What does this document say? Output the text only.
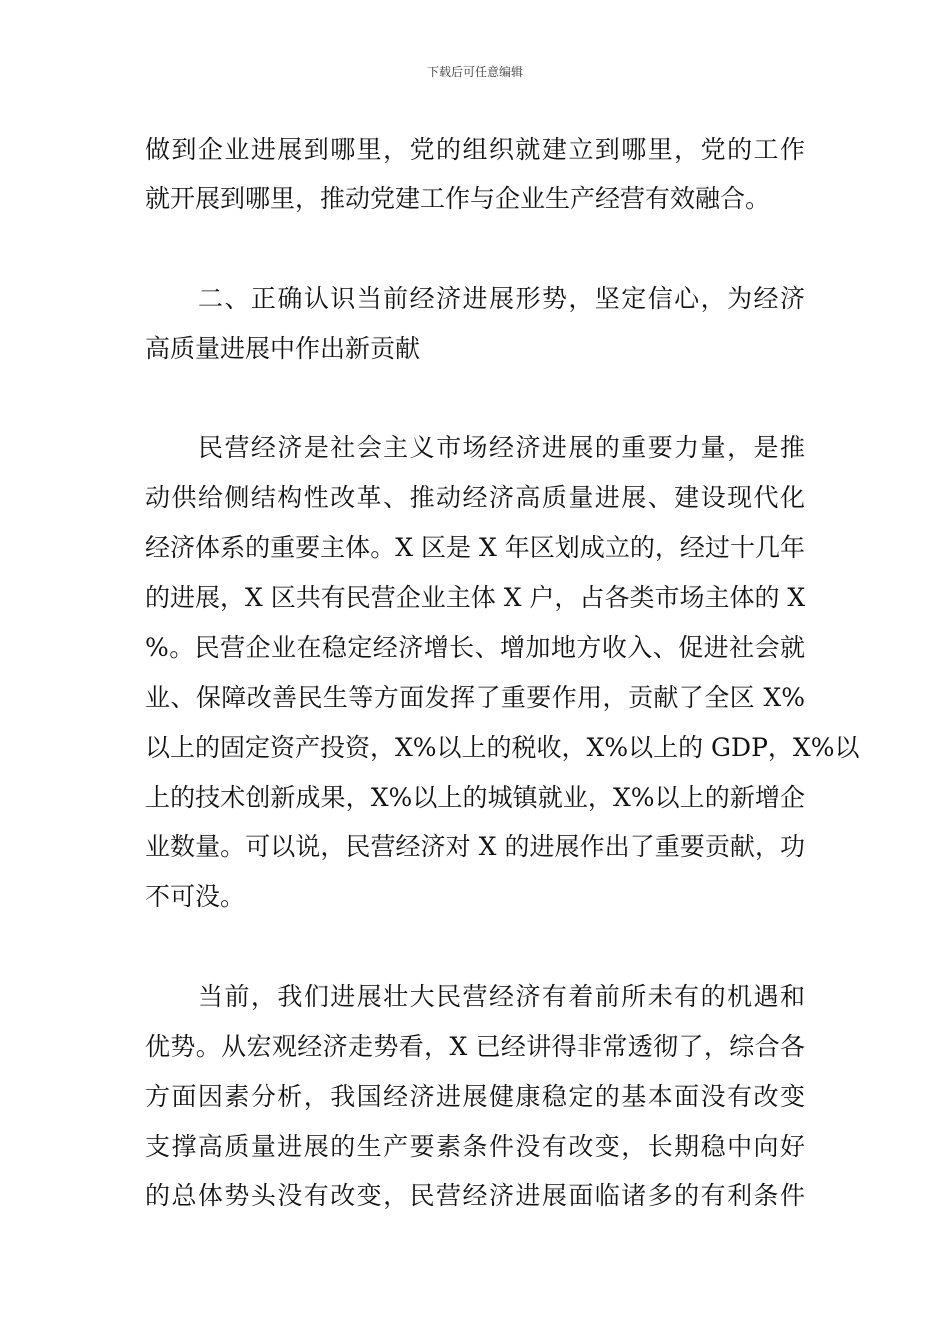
下载后可任意编辑
做到企业进展到哪里，党的组织就建立到哪里，党的工作
就开展到哪里，推动党建工作与企业生产经营有效融合。
二、正确认识当前经济进展形势，坚定信心，为经济
高质量进展中作出新贡献
民营经济是社会主义市场经济进展的重要力量，是推
动供给侧结构性改革、推动经济高质量进展、建设现代化
经济体系的重要主体。X 区是 X 年区划成立的，经过十几年
的进展，X 区共有民营企业主体 X 户，占各类市场主体的 X
%。民营企业在稳定经济增长、增加地方收入、促进社会就
业、保障改善民生等方面发挥了重要作用，贡献了全区 X%
以上的固定资产投资，X%以上的税收，X%以上的 GDP，X%以
上的技术创新成果，X%以上的城镇就业，X%以上的新增企
业数量。可以说，民营经济对 X 的进展作出了重要贡献，功
不可没。
当前，我们进展壮大民营经济有着前所未有的机遇和
优势。从宏观经济走势看，X 已经讲得非常透彻了，综合各
方面因素分析，我国经济进展健康稳定的基本面没有改变
支撑高质量进展的生产要素条件没有改变，长期稳中向好
的总体势头没有改变，民营经济进展面临诸多的有利条件
